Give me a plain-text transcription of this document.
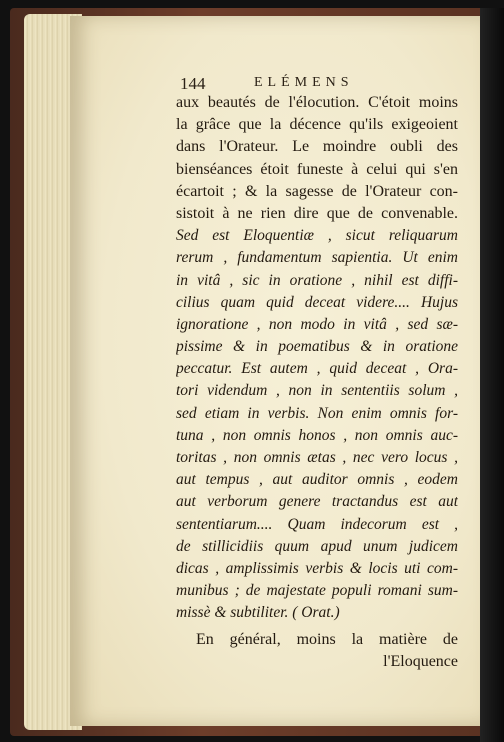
144	ELÉMENS
aux beautés de l'élocution. C'étoit moins
la grâce que la décence qu'ils exigeoient
dans l'Orateur. Le moindre oubli des
bienséances étoit funeste à celui qui s'en
écartoit ; & la sagesse de l'Orateur con-
sistoit à ne rien dire que de convenable.
Sed est Eloquentiæ , sicut reliquarum
rerum , fundamentum sapientia. Ut enim
in vitâ , sic in oratione , nihil est diffi-
cilius quam quid deceat videre.... Hujus
ignoratione , non modo in vitâ , sed sæ-
pissime & in poematibus & in oratione
peccatur. Est autem , quid deceat , Ora-
tori videndum , non in sententiis solum ,
sed etiam in verbis. Non enim omnis for-
tuna , non omnis honos , non omnis auc-
toritas , non omnis ætas , nec vero locus ,
aut tempus , aut auditor omnis , eodem
aut verborum genere tractandus est aut
sententiarum.... Quam indecorum est ,
de stillicidiis quum apud unum judicem
dicas , amplissimis verbis & locis uti com-
munibus ; de majestate populi romani sum-
missè & subtiliter. ( Orat.)
En général, moins la matière de
l'Eloquence
